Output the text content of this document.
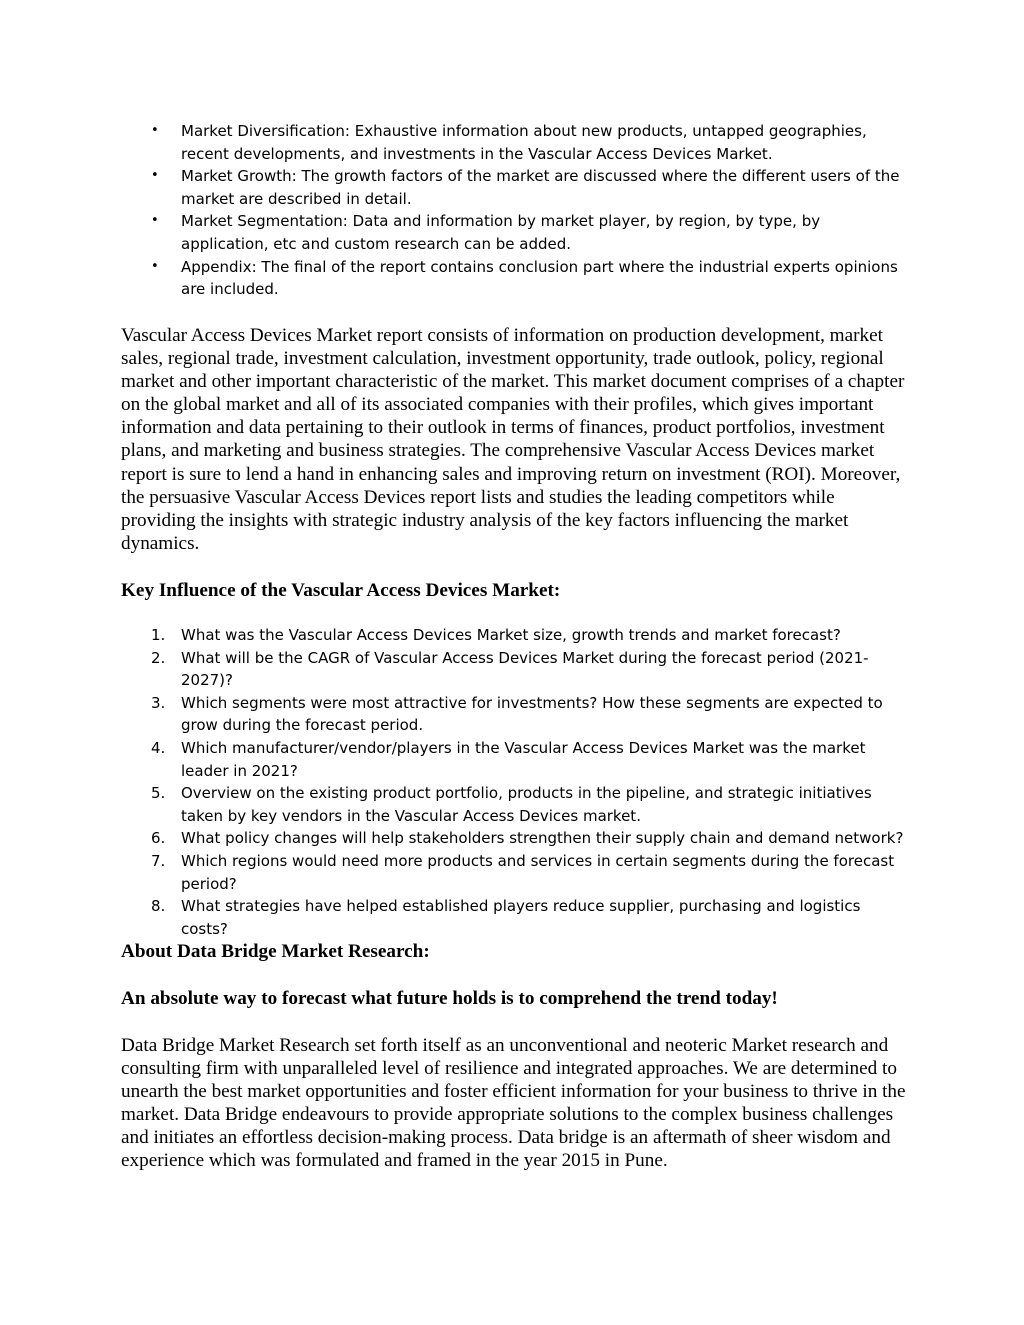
• Market Diversification: Exhaustive information about new products, untapped geographies, recent developments, and investments in the Vascular Access Devices Market.
• Market Growth: The growth factors of the market are discussed where the different users of the market are described in detail.
• Market Segmentation: Data and information by market player, by region, by type, by application, etc and custom research can be added.
• Appendix: The final of the report contains conclusion part where the industrial experts opinions are included.

Vascular Access Devices Market report consists of information on production development, market sales, regional trade, investment calculation, investment opportunity, trade outlook, policy, regional market and other important characteristic of the market. This market document comprises of a chapter on the global market and all of its associated companies with their profiles, which gives important information and data pertaining to their outlook in terms of finances, product portfolios, investment plans, and marketing and business strategies. The comprehensive Vascular Access Devices market report is sure to lend a hand in enhancing sales and improving return on investment (ROI). Moreover, the persuasive Vascular Access Devices report lists and studies the leading competitors while providing the insights with strategic industry analysis of the key factors influencing the market dynamics.

Key Influence of the Vascular Access Devices Market:
1. What was the Vascular Access Devices Market size, growth trends and market forecast?
2. What will be the CAGR of Vascular Access Devices Market during the forecast period (2021-2027)?
3. Which segments were most attractive for investments? How these segments are expected to grow during the forecast period.
4. Which manufacturer/vendor/players in the Vascular Access Devices Market was the market leader in 2021?
5. Overview on the existing product portfolio, products in the pipeline, and strategic initiatives taken by key vendors in the Vascular Access Devices market.
6. What policy changes will help stakeholders strengthen their supply chain and demand network?
7. Which regions would need more products and services in certain segments during the forecast period?
8. What strategies have helped established players reduce supplier, purchasing and logistics costs?
About Data Bridge Market Research:
An absolute way to forecast what future holds is to comprehend the trend today!

Data Bridge Market Research set forth itself as an unconventional and neoteric Market research and consulting firm with unparalleled level of resilience and integrated approaches. We are determined to unearth the best market opportunities and foster efficient information for your business to thrive in the market. Data Bridge endeavours to provide appropriate solutions to the complex business challenges and initiates an effortless decision-making process. Data bridge is an aftermath of sheer wisdom and experience which was formulated and framed in the year 2015 in Pune.
